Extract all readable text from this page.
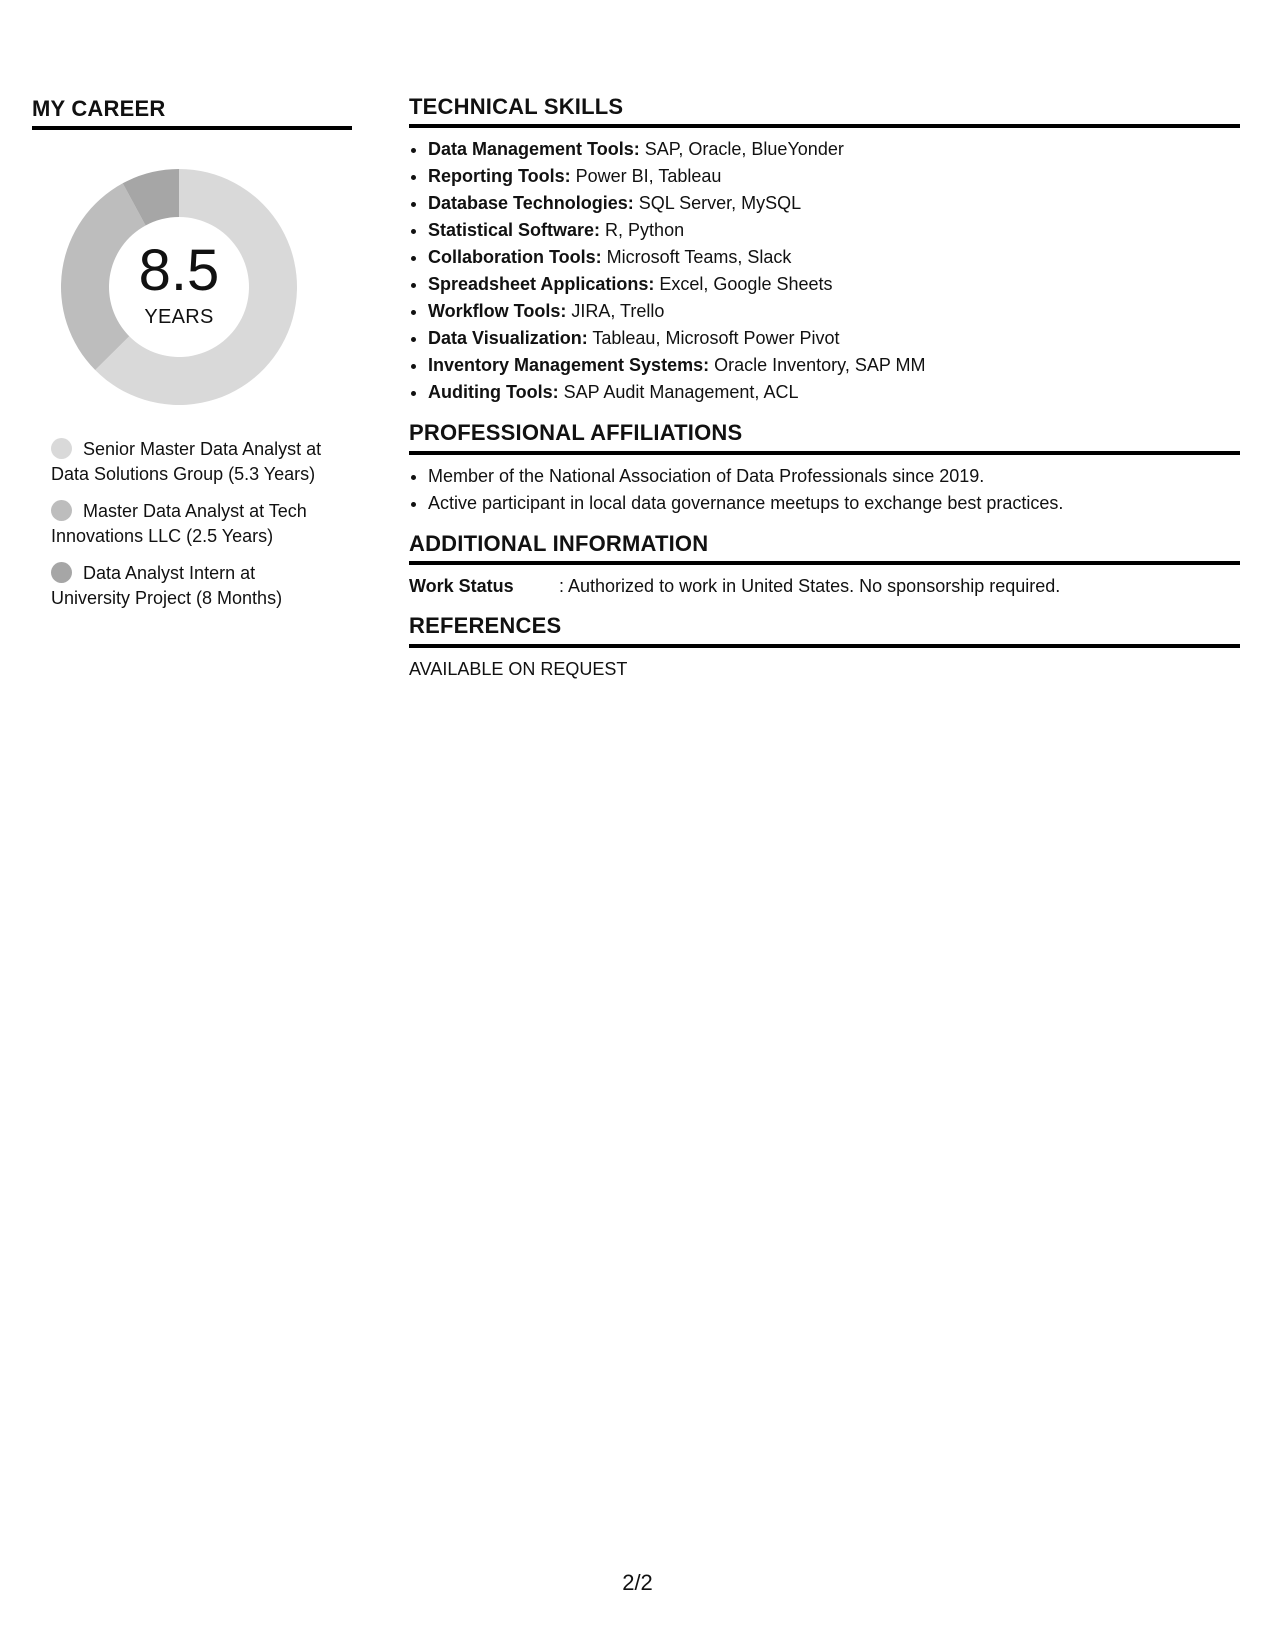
MY CAREER
8.5
YEARS
Senior Master Data Analyst at Data Solutions Group (5.3 Years)
Master Data Analyst at Tech Innovations LLC (2.5 Years)
Data Analyst Intern at University Project (8 Months)
TECHNICAL SKILLS
• Data Management Tools: SAP, Oracle, BlueYonder
• Reporting Tools: Power BI, Tableau
• Database Technologies: SQL Server, MySQL
• Statistical Software: R, Python
• Collaboration Tools: Microsoft Teams, Slack
• Spreadsheet Applications: Excel, Google Sheets
• Workflow Tools: JIRA, Trello
• Data Visualization: Tableau, Microsoft Power Pivot
• Inventory Management Systems: Oracle Inventory, SAP MM
• Auditing Tools: SAP Audit Management, ACL
PROFESSIONAL AFFILIATIONS
• Member of the National Association of Data Professionals since 2019.
• Active participant in local data governance meetups to exchange best practices.
ADDITIONAL INFORMATION
Work Status	: Authorized to work in United States. No sponsorship required.
REFERENCES
AVAILABLE ON REQUEST
2/2
